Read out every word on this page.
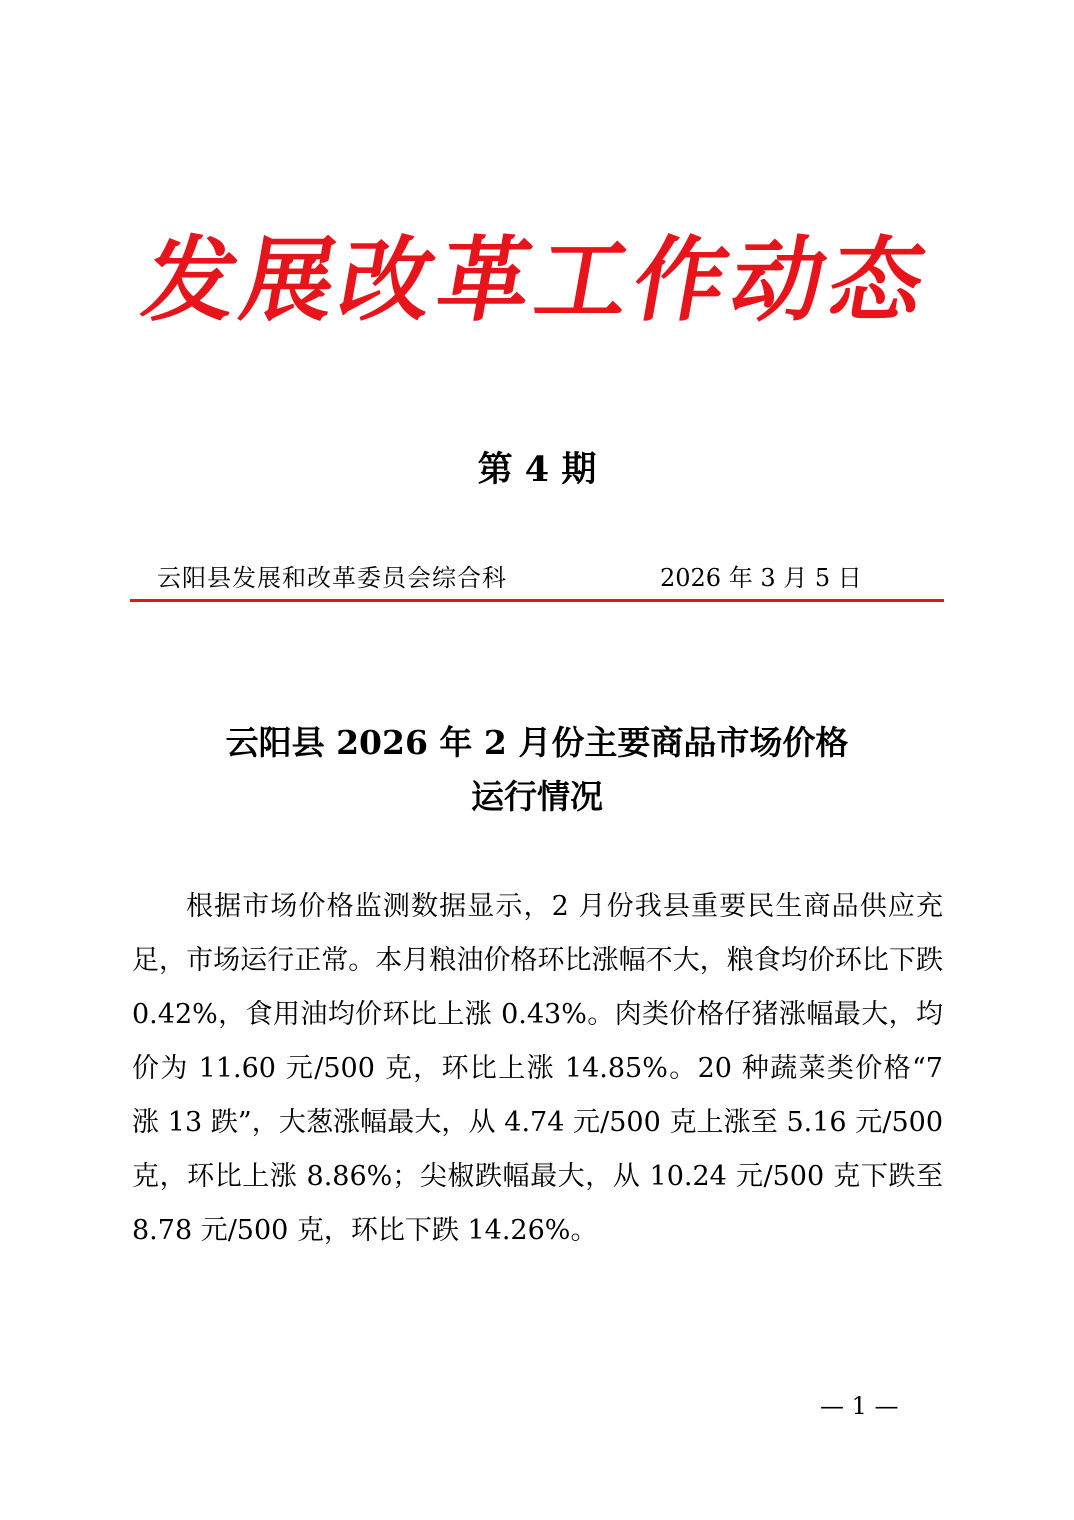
发展改革工作动态
第 4 期
云阳县发展和改革委员会综合科	2026 年 3 月 5 日
云阳县 2026 年 2 月份主要商品市场价格
运行情况

根据市场价格监测数据显示，2 月份我县重要民生商品供应充足，市场运行正常。本月粮油价格环比涨幅不大，粮食均价环比下跌 0.42%，食用油均价环比上涨 0.43%。肉类价格仔猪涨幅最大，均价为 11.60 元/500 克，环比上涨 14.85%。20 种蔬菜类价格“7 涨 13 跌”，大葱涨幅最大，从 4.74 元/500 克上涨至 5.16 元/500 克，环比上涨 8.86%；尖椒跌幅最大，从 10.24 元/500 克下跌至 8.78 元/500 克，环比下跌 14.26%。

— 1 —
